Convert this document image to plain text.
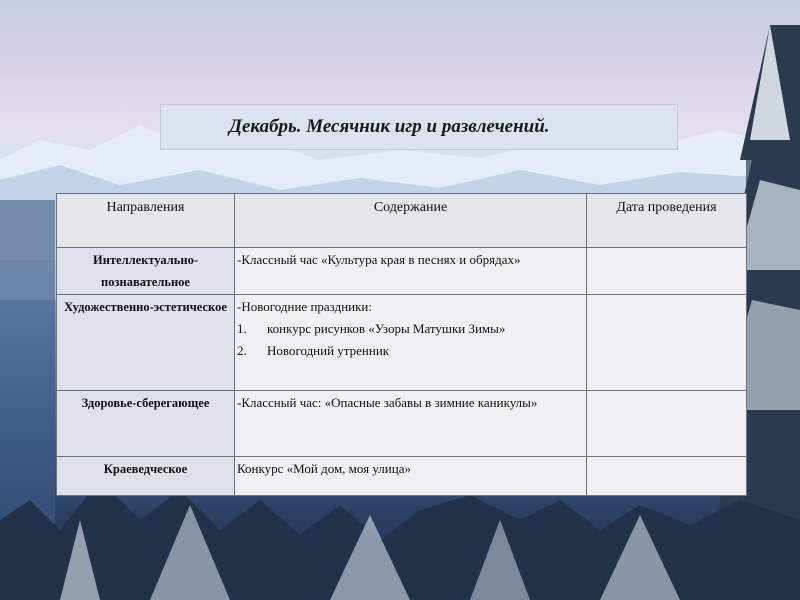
Декабрь. Месячник игр и развлечений.
Направления	Содержание	Дата проведения
Интеллектуально-познавательное	-Классный час «Культура края в песнях и обрядах»	
Художественно-эстетическое	-Новогодние праздники:
1. конкурс рисунков «Узоры Матушки Зимы»
2. Новогодний утренник	

Здоровье-сберегающее	-Классный час: «Опасные забавы в зимние каникулы»	
Краеведческое	Конкурс «Мой дом, моя улица»	
